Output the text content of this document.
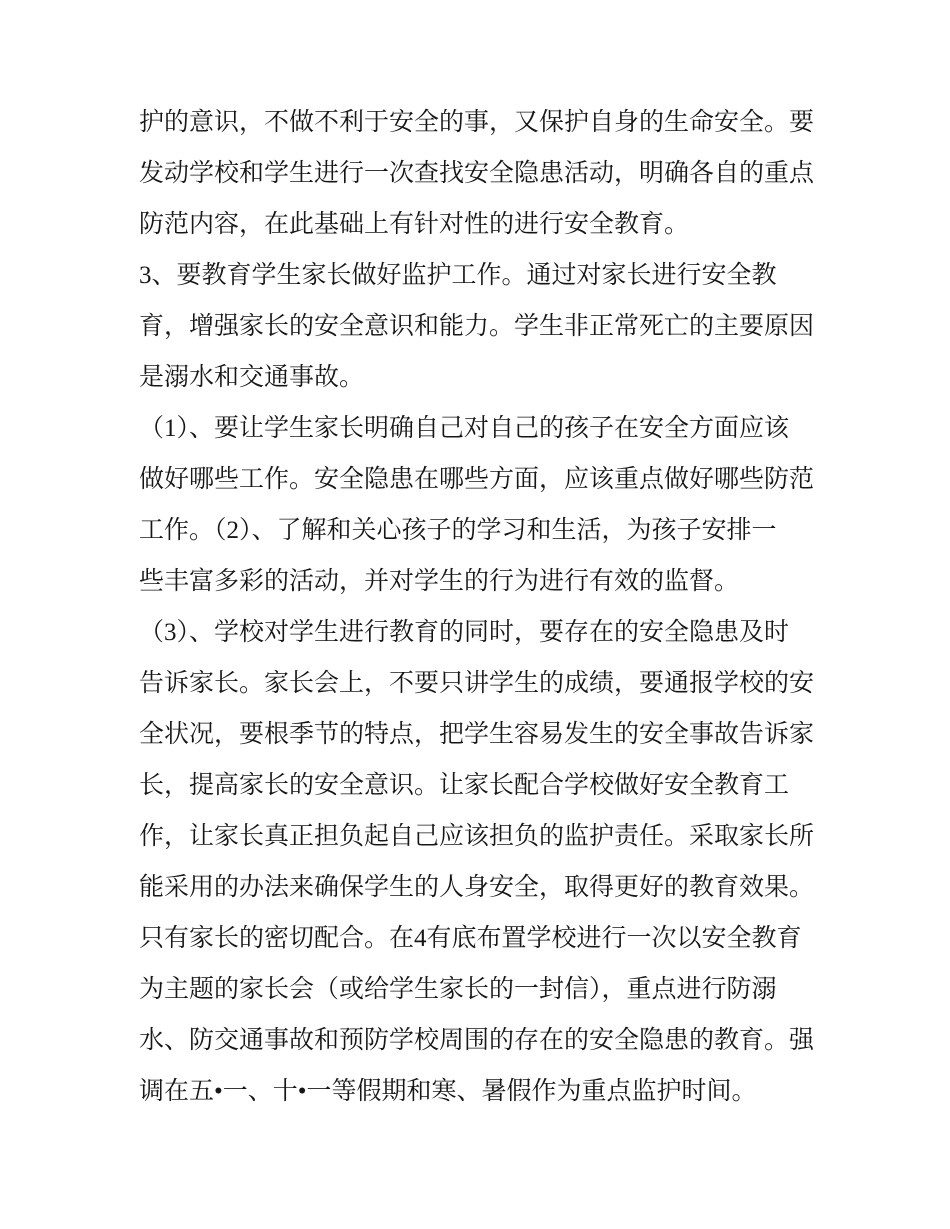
护的意识，不做不利于安全的事，又保护自身的生命安全。要
发动学校和学生进行一次查找安全隐患活动，明确各自的重点
防范内容，在此基础上有针对性的进行安全教育。
3、要教育学生家长做好监护工作。通过对家长进行安全教
育，增强家长的安全意识和能力。学生非正常死亡的主要原因
是溺水和交通事故。
（1）、要让学生家长明确自己对自己的孩子在安全方面应该
做好哪些工作。安全隐患在哪些方面，应该重点做好哪些防范
工作。（2）、了解和关心孩子的学习和生活，为孩子安排一
些丰富多彩的活动，并对学生的行为进行有效的监督。
（3）、学校对学生进行教育的同时，要存在的安全隐患及时
告诉家长。家长会上，不要只讲学生的成绩，要通报学校的安
全状况，要根季节的特点，把学生容易发生的安全事故告诉家
长，提高家长的安全意识。让家长配合学校做好安全教育工
作，让家长真正担负起自己应该担负的监护责任。采取家长所
能采用的办法来确保学生的人身安全，取得更好的教育效果。
只有家长的密切配合。在4有底布置学校进行一次以安全教育
为主题的家长会（或给学生家长的一封信），重点进行防溺
水、防交通事故和预防学校周围的存在的安全隐患的教育。强
调在五•一、十•一等假期和寒、暑假作为重点监护时间。
